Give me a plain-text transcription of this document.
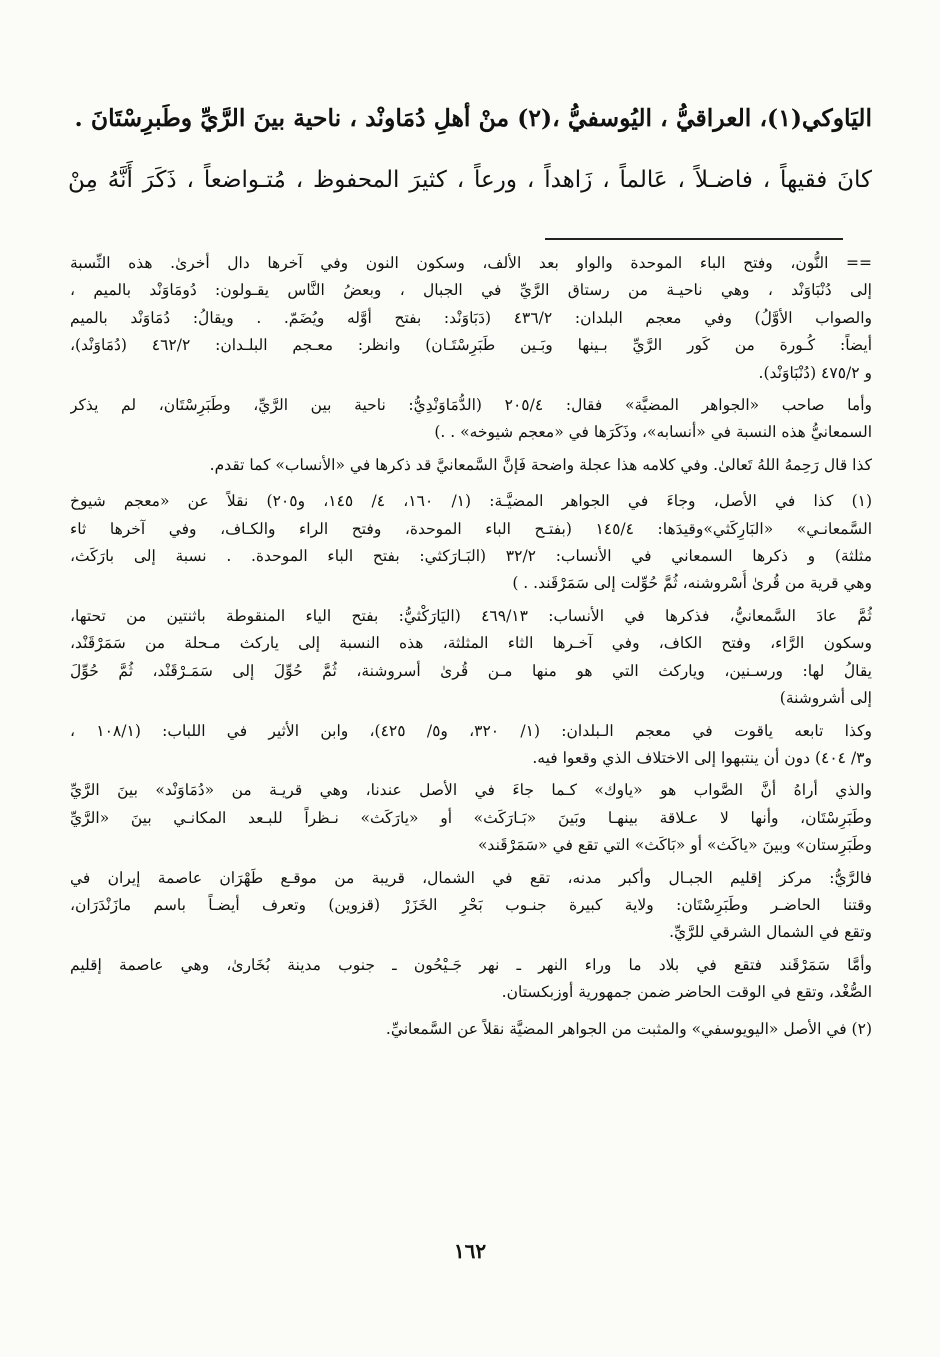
اليَاوكي(١)، العراقيُّ ، اليُوسفيُّ ،(٢) منْ أهلِ دُمَاونْد ، ناحية بينَ الرَّيِّ وطَبرِسْتَانَ .
كانَ فقيهاً ، فاضـلاً ، عَالماً ، زَاهداً ، ورعاً ، كثيرَ المحفوظ ، مُتـواضعاً ، ذَكَرَ أَنَّهُ مِنْ
== النُّون، وفتح الباء الموحدة والواو بعد الألف، وسكون النون وفي آخرها دال أخرىٰ. هذه النِّسبة
إلى دُنْبَاوَنْد ، وهي ناحيـة من رستاق الرَّيِّ في الجبال ، وبعضُ النَّاس يقـولون: دُومَاوَنْد بالميم ،
والصواب الأوَّلُ) وفي معجم البلدان: ٤٣٦/٢ (دَبَاوَنْد: بفتح أوَّله ويُضَمّ. . ويقالُ: دُمَاوَنْد بالميم
أيضاً: كُـورة من كَور الرَّيِّ بـينها وبَـين طَبَرِسْتَـان) وانظر: معـجم البلـدان: ٤٦٢/٢ (دُمَاوَنْد)،
و ٤٧٥/٢ (دُنْبَاوَنْد).
وأما صاحب «الجواهر المضيَّة» فقال: ٢٠٥/٤ (الدُّمَاوَنْدِيُّ: ناحية بين الرَّيِّ، وطَبَرِسْتَان، لم يذكر
السمعانيُّ هذه النسبة في «أنسابه»، وذَكَرَها في «معجم شيوخه» . .)
كذا قال رَحِمهُ اللهُ تَعالىٰ. وفي كلامه هذا عجلة واضحة فَإنَّ السَّمعانيَّ قد ذكرها في «الأنساب» كما تقدم.
(١) كذا في الأصل، وجاءَ في الجواهر المضيَّـة: (١/ ١٦٠، ٤/ ١٤٥، و٢٠٥) نقلاً عن «معجم شيوخ
السَّمعانـي» «البَارِكَثي»وقيدَها: ١٤٥/٤ (بفتـح الباء الموحدة، وفتح الراء والكـاف، وفي آخرها ثاء
مثلثة) و ذكرها السمعاني في الأنساب: ٣٢/٢ (البَـارَكثي: بفتح الباء الموحدة. . نسبة إلى بارَكَث،
وهي قرية من قُرىٰ أُسْروشنه، ثُمَّ حُوِّلت إلى سَمَرْقَند. . )
ثُمَّ عادَ السَّمعانيُّ، فذكرها في الأنساب: ٤٦٩/١٣ (اليَارَكْثيُّ: بفتح الياء المنقوطة باثنتين من تحتها،
وسكون الرَّاء، وفتح الكاف، وفي آخـرها الثاء المثلثة، هذه النسبة إلى ياركث مـحلة من سَمَرْقَنْد،
يقالُ لها: ورسـنين، وياركث التي هو منها مـن قُرىٰ أسروشنة، ثُمَّ حُوِّلَ إلى سَمَـرْقَنْد، ثُمَّ حُوِّلَ
إلى أشروشنة)
وكذا تابعه ياقوت في معجم الـبلدان: (١/ ٣٢٠، و٥/ ٤٢٥)، وابن الأثير في اللباب: (١٠٨/١ ،
و٣/ ٤٠٤) دون أن ينتبهوا إلى الاختلاف الذي وقعوا فيه.
والذي أراهُ أنَّ الصَّواب هو «ياوك» كـما جاءَ في الأصل عندنا، وهي قريـة من «دُمَاوَنْد» بينَ الرَّيِّ
وطَبَرِسْتَان، وأنها لا عـلاقة بينهـا وبَينَ «بَـارَكَث» أو «يارَكَث» نـظراً للبـعد المكانـي بينَ «الرَّيِّ
وطَبَرِستان» وبينَ «ياكَث» أو «بَاكَث» التي تقع في «سَمَرْقَند»
فالرَّيُّ: مركز إقليم الجبـال وأكبر مدنه، تقع في الشمال، قريبة من موقـع طَهْرَان عاصمة إيران في
وقتنا الحاضـر وطَبَرِسْتَان: ولاية كبيرة جنـوب بَحْرِ الخَزَرْ (قزوين) وتعرف أيضـاً باسم مازَنْدَرَان،
وتقع في الشمال الشرقي للرَّيِّ.
وأمَّا سَمَرْقَند فتقع في بلاد ما وراء النهر ـ نهر جَـيْحُون ـ جنوب مدينة بُخَارىٰ، وهي عاصمة إقليم
الصُّغْد، وتقع في الوقت الحاضر ضمن جمهورية أوزبكستان.
(٢) في الأصل «اليويوسفي» والمثبت من الجواهر المضيَّة نقلاً عن السَّمعانيِّ.
١٦٢
